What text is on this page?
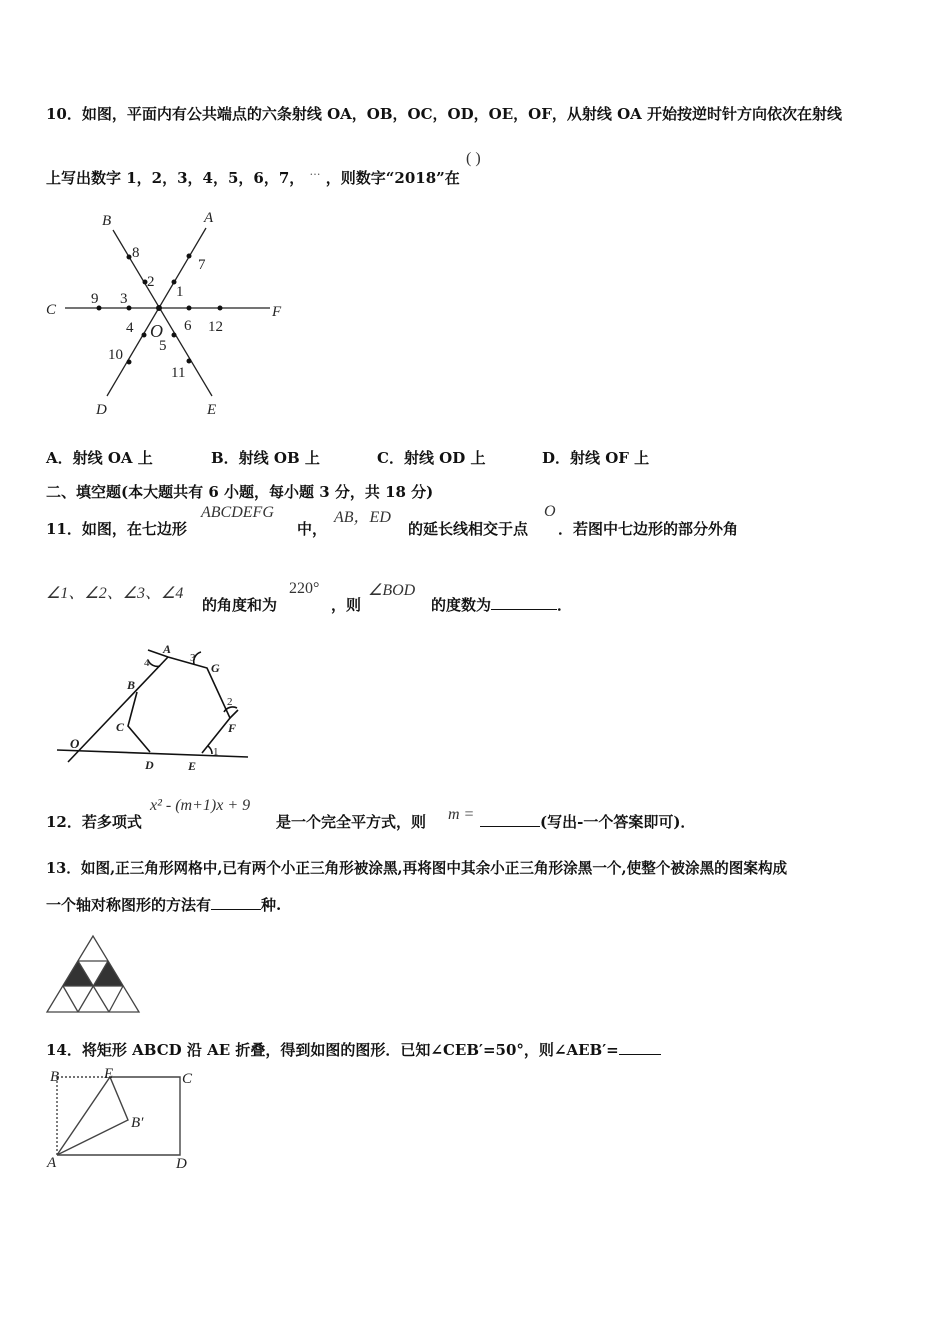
10．如图，平面内有公共端点的六条射线 OA，OB，OC，OD，OE，OF，从射线 OA 开始按逆时针方向依次在射线
上写出数字 1，2，3，4，5，6，7， … ，则数字“2018”在
( )
A
B
C
D	E
F
O
1
2
3
4
5
6
7
8
9
10
11
12
A
G
F
E
D
C
B
O
1
2
3
4
B	E	C
B′
A	D
A．射线 OA 上	B．射线 OB 上	C．射线 OD 上	D．射线 OF 上
二、填空题(本大题共有 6 小题，每小题 3 分，共 18 分)
11．如图，在七边形
ABCDEFG
中，
AB，ED
的延长线相交于点
O
．若图中七边形的部分外角
∠1、∠2、∠3、∠4
的角度和为
220°
，则
∠BOD
的度数为	．
12．若多项式
x² - (m+1)x + 9
是一个完全平方式，则 m =	(写出-一个答案即可)．
13．如图,正三角形网格中,已有两个小正三角形被涂黑,再将图中其余小正三角形涂黑一个,使整个被涂黑的图案构成
一个轴对称图形的方法有	种.
14．将矩形 ABCD 沿 AE 折叠，得到如图的图形．已知∠CEB′=50°，则∠AEB′=
